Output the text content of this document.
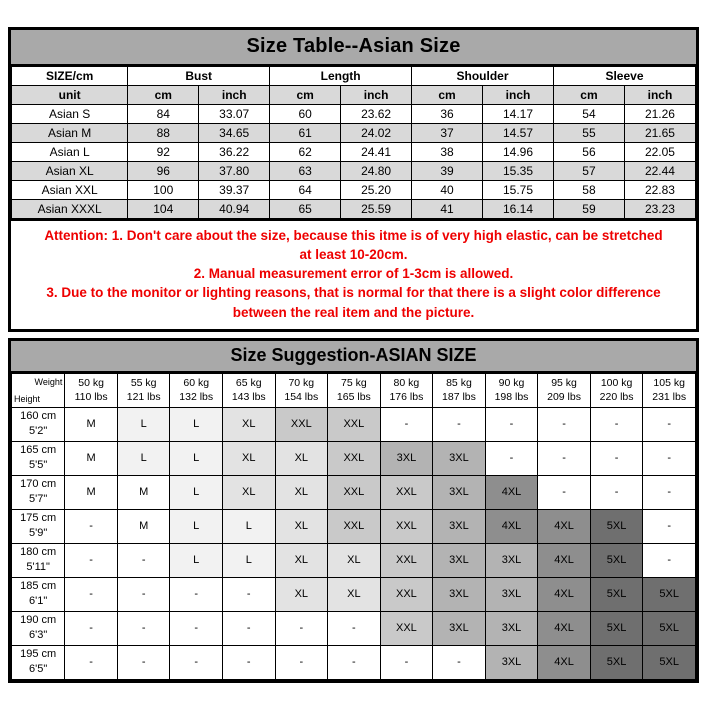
Size Table--Asian Size
SIZE/cm	Bust		Length		Shoulder		Sleeve	
unit	cm	inch	cm	inch	cm	inch	cm	inch
Asian S	84	33.07	60	23.62	36	14.17	54	21.26
Asian M	88	34.65	61	24.02	37	14.57	55	21.65
Asian L	92	36.22	62	24.41	38	14.96	56	22.05
Asian XL	96	37.80	63	24.80	39	15.35	57	22.44
Asian XXL	100	39.37	64	25.20	40	15.75	58	22.83
Asian XXXL	104	40.94	65	25.59	41	16.14	59	23.23
Attention: 1. Don't care about the size, because this itme is of very high elastic, can be stretched
at least 10-20cm.
2. Manual measurement error of 1-3cm is allowed.
3. Due to the monitor or lighting reasons, that is normal for that there is a slight color difference
between the real item and the picture.
Size Suggestion-ASIAN SIZE
Weight
Height	50 kg
110 lbs	55 kg
121 lbs	60 kg
132 lbs	65 kg
143 lbs	70 kg
154 lbs	75 kg
165 lbs	80 kg
176 lbs	85 kg
187 lbs	90 kg
198 lbs	95 kg
209 lbs	100 kg
220 lbs	105 kg
231 lbs

160 cm
5'2"	M	L	L	XL	XXL	XXL	-	-	-	-	-	-

165 cm
5'5"	M	L	L	XL	XL	XXL	3XL	3XL	-	-	-	-

170 cm
5'7"	M	M	L	XL	XL	XXL	XXL	3XL	4XL	-	-	-

175 cm
5'9"	-	M	L	L	XL	XXL	XXL	3XL	4XL	4XL	5XL	-

180 cm
5'11"	-	-	L	L	XL	XL	XXL	3XL	3XL	4XL	5XL	-

185 cm
6'1"	-	-	-	-	XL	XL	XXL	3XL	3XL	4XL	5XL	5XL

190 cm
6'3"	-	-	-	-	-	-	XXL	3XL	3XL	4XL	5XL	5XL

195 cm
6'5"	-	-	-	-	-	-	-	-	3XL	4XL	5XL	5XL
